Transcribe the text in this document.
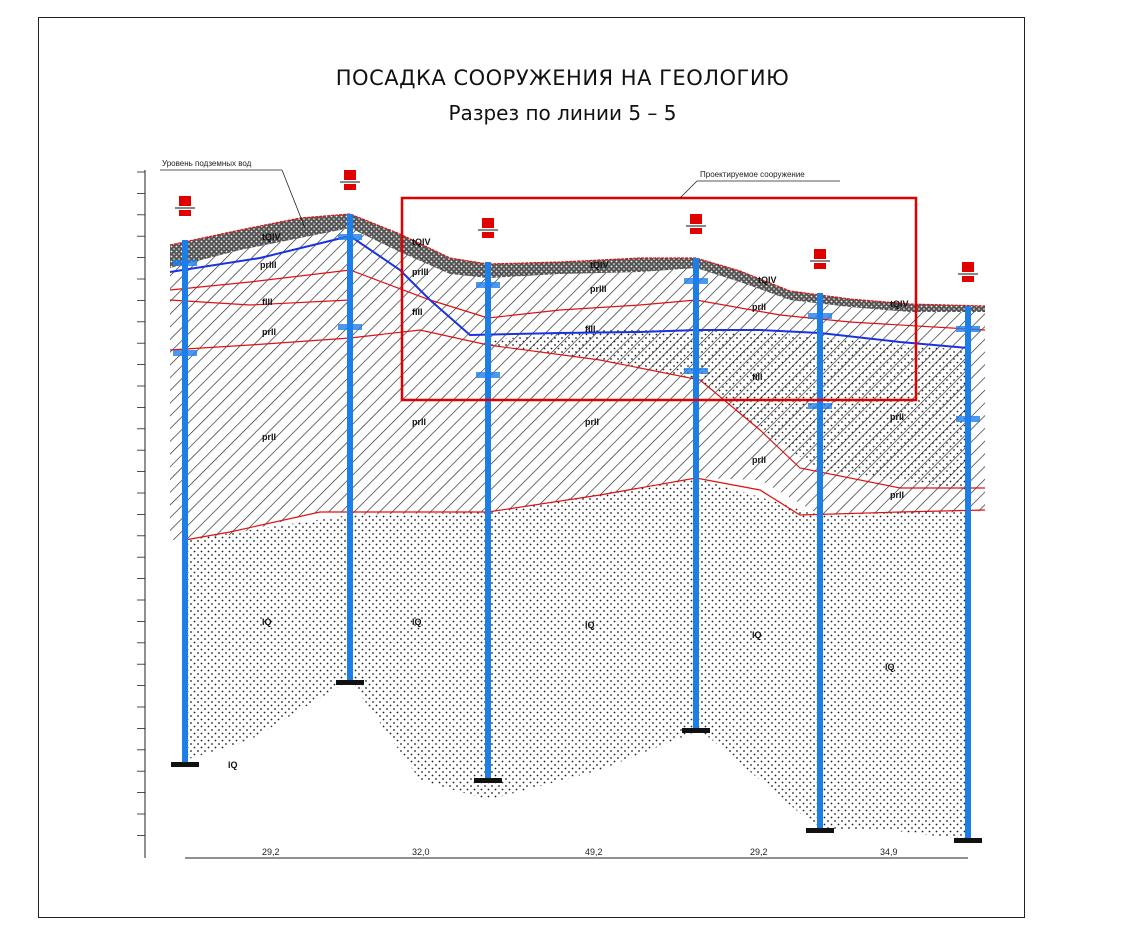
ПОСАДКА СООРУЖЕНИЯ НА ГЕОЛОГИЮ
Разрез по линии 5 – 5
tQIV
prIII
fIII
prII
prII
lQ
tQIV
prIII
fIII
prII
lQ
tQIV
prIII
fIII
prII
lQ
tQIV
prII
fIII
prII
lQ
tQIV
prII
prII
lQ
lQ
Уровень подземных вод
Проектируемое сооружение
29,2	32,0	49,2	29,2	34,9
